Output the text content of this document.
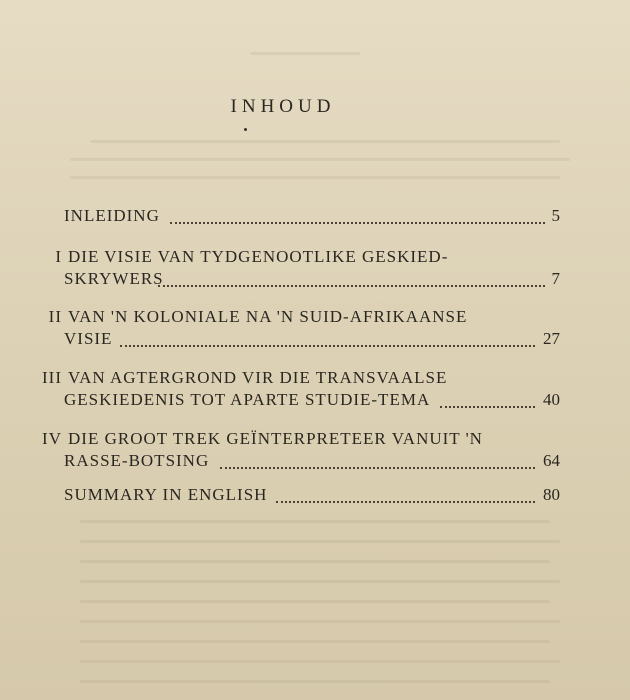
INHOUD
INLEIDING	5
I DIE VISIE VAN TYDGENOOTLIKE GESKIED-
SKRYWERS	7
II VAN 'N KOLONIALE NA 'N SUID-AFRIKAANSE
VISIE	27
III VAN AGTERGROND VIR DIE TRANSVAALSE
GESKIEDENIS TOT APARTE STUDIE-TEMA	40
IV DIE GROOT TREK GEÏNTERPRETEER VANUIT 'N
RASSE-BOTSING	64
SUMMARY IN ENGLISH	80
